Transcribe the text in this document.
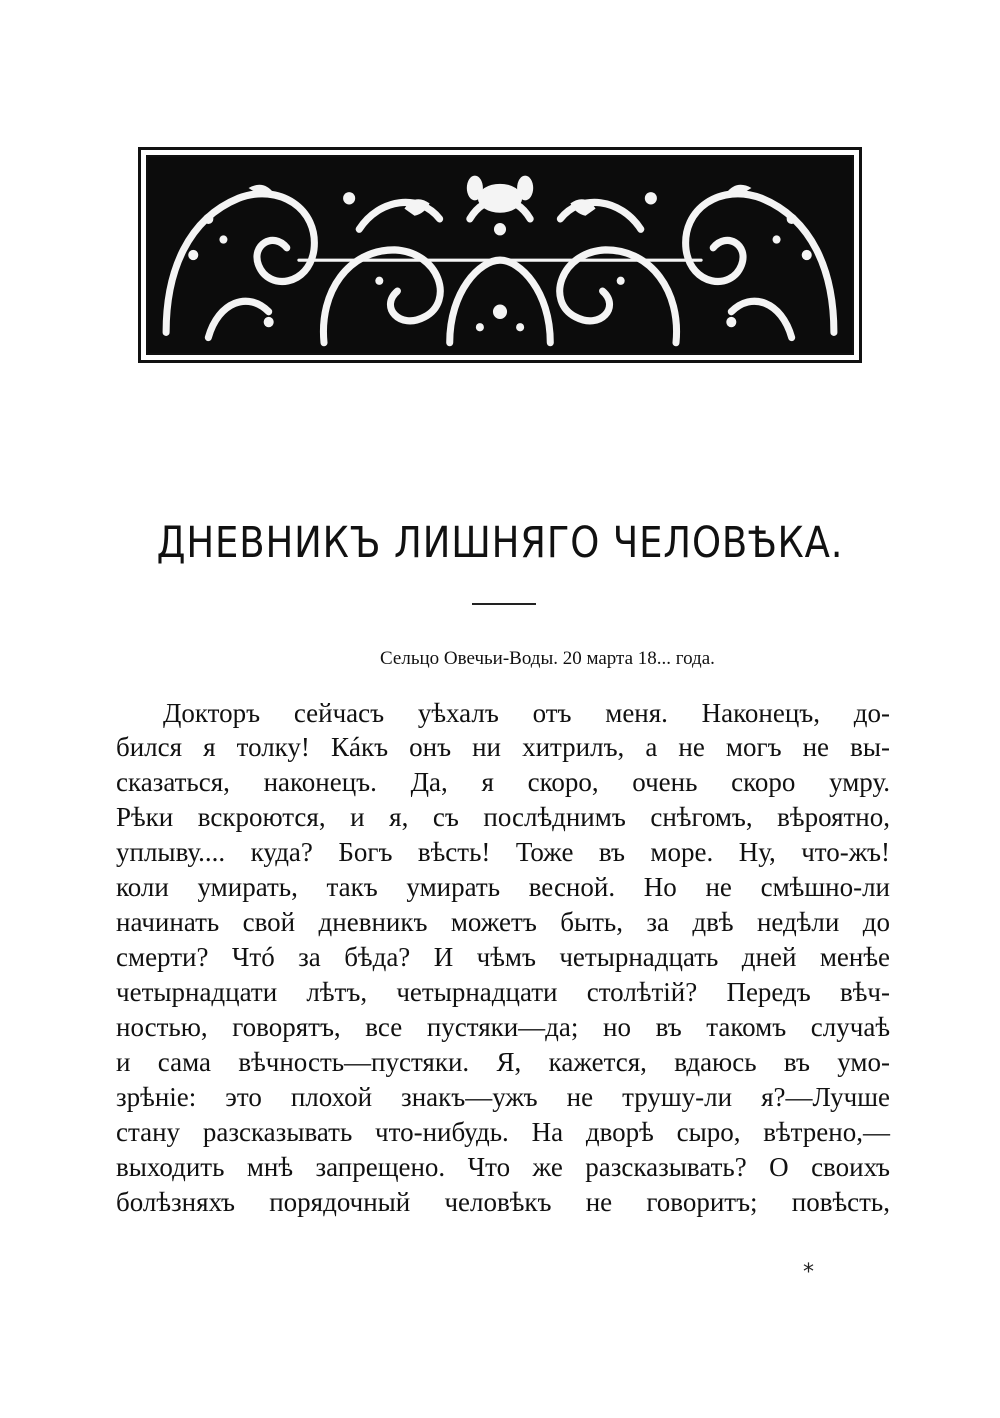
ДНЕВНИКЪ ЛИШНЯГО ЧЕЛОВѢКА.

Сельцо Овечьи-Воды. 20 марта 18... года.

Докторъ сейчасъ уѣхалъ отъ меня. Наконецъ, до-

бился я толку! Кáкъ онъ ни хитрилъ, а не могъ не вы-

сказаться, наконецъ. Да, я скоро, очень скоро умру.

Рѣки вскроются, и я, съ послѣднимъ снѣгомъ, вѣроятно,

уплыву.... куда? Богъ вѣсть! Тоже въ море. Ну, что-жъ!

коли умирать, такъ умирать весной. Но не смѣшно-ли

начинать свой дневникъ можетъ быть, за двѣ недѣли до

смерти? Чтó за бѣда? И чѣмъ четырнадцать дней менѣе

четырнадцати лѣтъ, четырнадцати столѣтій? Передъ вѣч-

ностью, говорятъ, все пустяки—да; но въ такомъ случаѣ

и сама вѣчность—пустяки. Я, кажется, вдаюсь въ умо-

зрѣніе: это плохой знакъ—ужъ не трушу-ли я?—Лучше

стану разсказывать что-нибудь. На дворѣ сыро, вѣтрено,—

выходить мнѣ запрещено. Что же разсказывать? О своихъ

болѣзняхъ порядочный человѣкъ не говоритъ; повѣсть,

*
